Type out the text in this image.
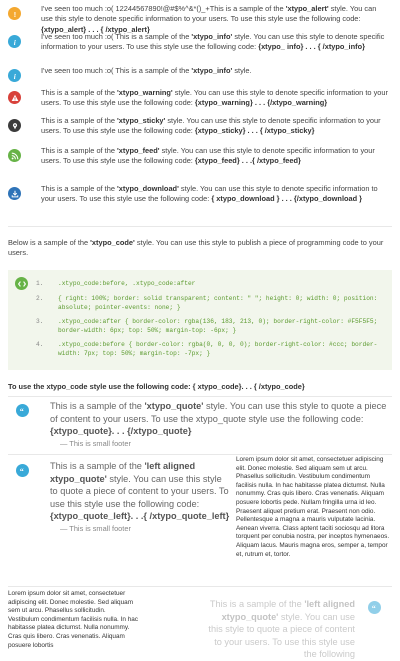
!
I've seen too much :o( 12244567890!@#$%^&*()_+This is a sample of the 'xtypo_alert' style. You can use this style to denote specific information to your users. To use this style use the following code: {xtypo_alert} . . . { /xtypo_alert}
i
I've seen too much :o( This is a sample of the 'xtypo_info' style. You can use this style to denote specific information to your users. To use this style use the following code: {xtypo_ info} . . . { /xtypo_info}
i
I've seen too much :o( This is a sample of the 'xtypo_info' style.
This is a sample of the 'xtypo_warning' style. You can use this style to denote specific information to your users. To use this style use the following code: {xtypo_warning} . . . {/xtypo_warning}
This is a sample of the 'xtypo_sticky' style. You can use this style to denote specific information to your users. To use this style use the following code: {xtypo_sticky} . . . { /xtypo_sticky}
This is a sample of the 'xtypo_feed' style. You can use this style to denote specific information to your users. To use this style use the following code: {xtypo_feed} . . .{ /xtypo_feed}
This is a sample of the 'xtypo_download' style. You can use this style to denote specific information to your users. To use this style use the following code: { xtypo_download } . . . {/xtypo_download }
Below is a sample of the 'xtypo_code' style. You can use this style to publish a piece of programming code to your users.
1. .xtypo_code:before, .xtypo_code:after
2. { right: 100%; border: solid transparent; content: " "; height: 0; width: 0; position: absolute; pointer-events: none; }
3. .xtypo_code:after { border-color: rgba(136, 183, 213, 0); border-right-color: #F5F5F5; border-width: 6px; top: 50%; margin-top: -6px; }
4. .xtypo_code:before { border-color: rgba(0, 0, 0, 0); border-right-color: #ccc; border-width: 7px; top: 50%; margin-top: -7px; }
To use the xtypo_code style use the following code: { xtypo_code}. . . { /xtypo_code}
“
This is a sample of the 'xtypo_quote' style. You can use this style to quote a piece of content to your users. To use the xtypo_quote style use the following code: {xtypo_quote}. . . {/xtypo_quote}
— This is small footer
“
This is a sample of the 'left aligned xtypo_quote' style. You can use this style to quote a piece of content to your users. To use this style use the following code: {xtypo_quote_left}. . .{ /xtypo_quote_left}
— This is small footer
Lorem ipsum dolor sit amet, consectetuer adipiscing elit. Donec molestie. Sed aliquam sem ut arcu. Phasellus sollicitudin. Vestibulum condimentum facilisis nulla. In hac habitasse platea dictumst. Nulla nonummy. Cras quis libero. Cras venenatis. Aliquam posuere lobortis pede. Nullam fringilla urna id leo. Praesent aliquet pretium erat. Praesent non odio. Pellentesque a magna a mauris vulputate lacinia. Aenean viverra. Class aptent taciti sociosqu ad litora torquent per conubia nostra, per inceptos hymenaeos. Aliquam lacus. Mauris magna eros, semper a, tempor et, rutrum et, tortor.
Lorem ipsum dolor sit amet, consectetuer adipiscing elit. Donec molestie. Sed aliquam sem ut arcu. Phasellus sollicitudin. Vestibulum condimentum facilisis nulla. In hac habitasse platea dictumst. Nulla nonummy. Cras quis libero. Cras venenatis. Aliquam posuere lobortis
This is a sample of the 'left aligned xtypo_quote' style. You can use this style to quote a piece of content to your users. To use this style use the following
“
